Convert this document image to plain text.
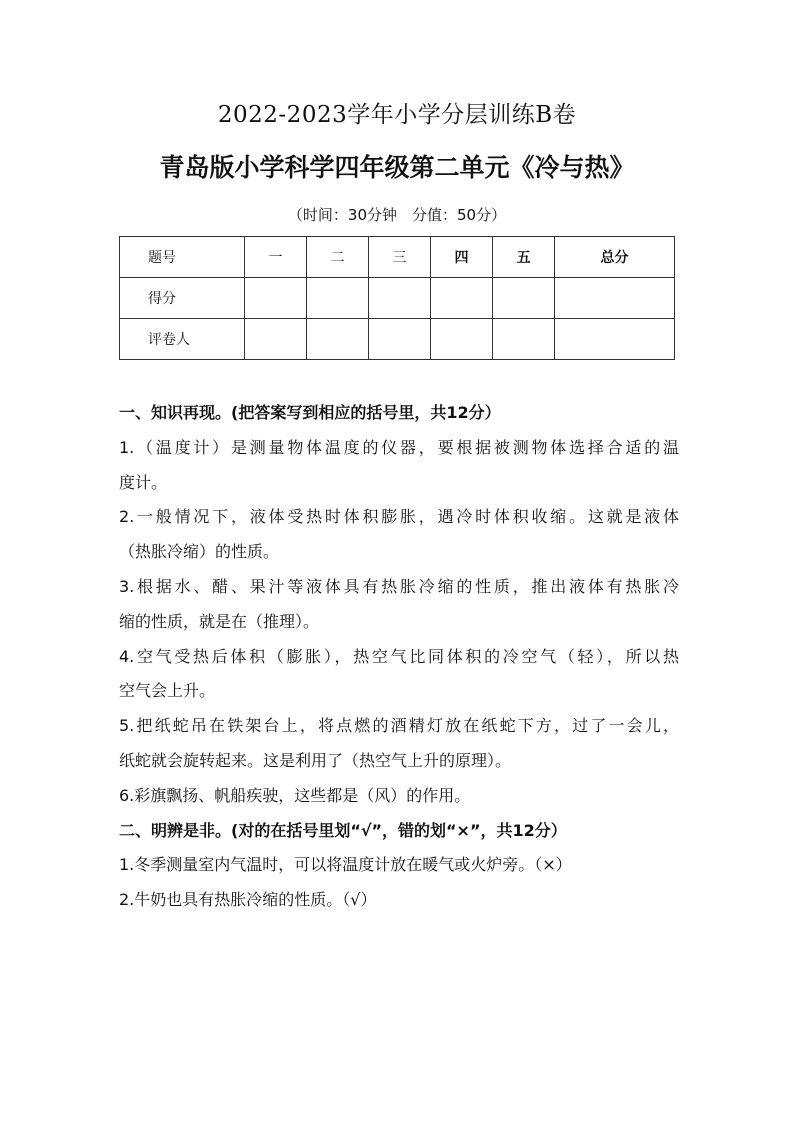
2022-2023学年小学分层训练B卷
青岛版小学科学四年级第二单元《冷与热》
（时间：30分钟　分值：50分）
题号	一	二	三	四	五	总分
得分						
评卷人						
一、知识再现。(把答案写到相应的括号里，共12分）
1.（温度计）是测量物体温度的仪器，要根据被测物体选择合适的温
度计。
2.一般情况下，液体受热时体积膨胀，遇冷时体积收缩。这就是液体
（热胀冷缩）的性质。
3.根据水、醋、果汁等液体具有热胀冷缩的性质，推出液体有热胀冷
缩的性质，就是在（推理）。
4.空气受热后体积（膨胀），热空气比同体积的冷空气（轻），所以热
空气会上升。
5.把纸蛇吊在铁架台上，将点燃的酒精灯放在纸蛇下方，过了一会儿，
纸蛇就会旋转起来。这是利用了（热空气上升的原理）。
6.彩旗飘扬、帆船疾驶，这些都是（风）的作用。
二、明辨是非。(对的在括号里划“√”，错的划“×”，共12分）
1.冬季测量室内气温时，可以将温度计放在暖气或火炉旁。（×）
2.牛奶也具有热胀冷缩的性质。（√）
